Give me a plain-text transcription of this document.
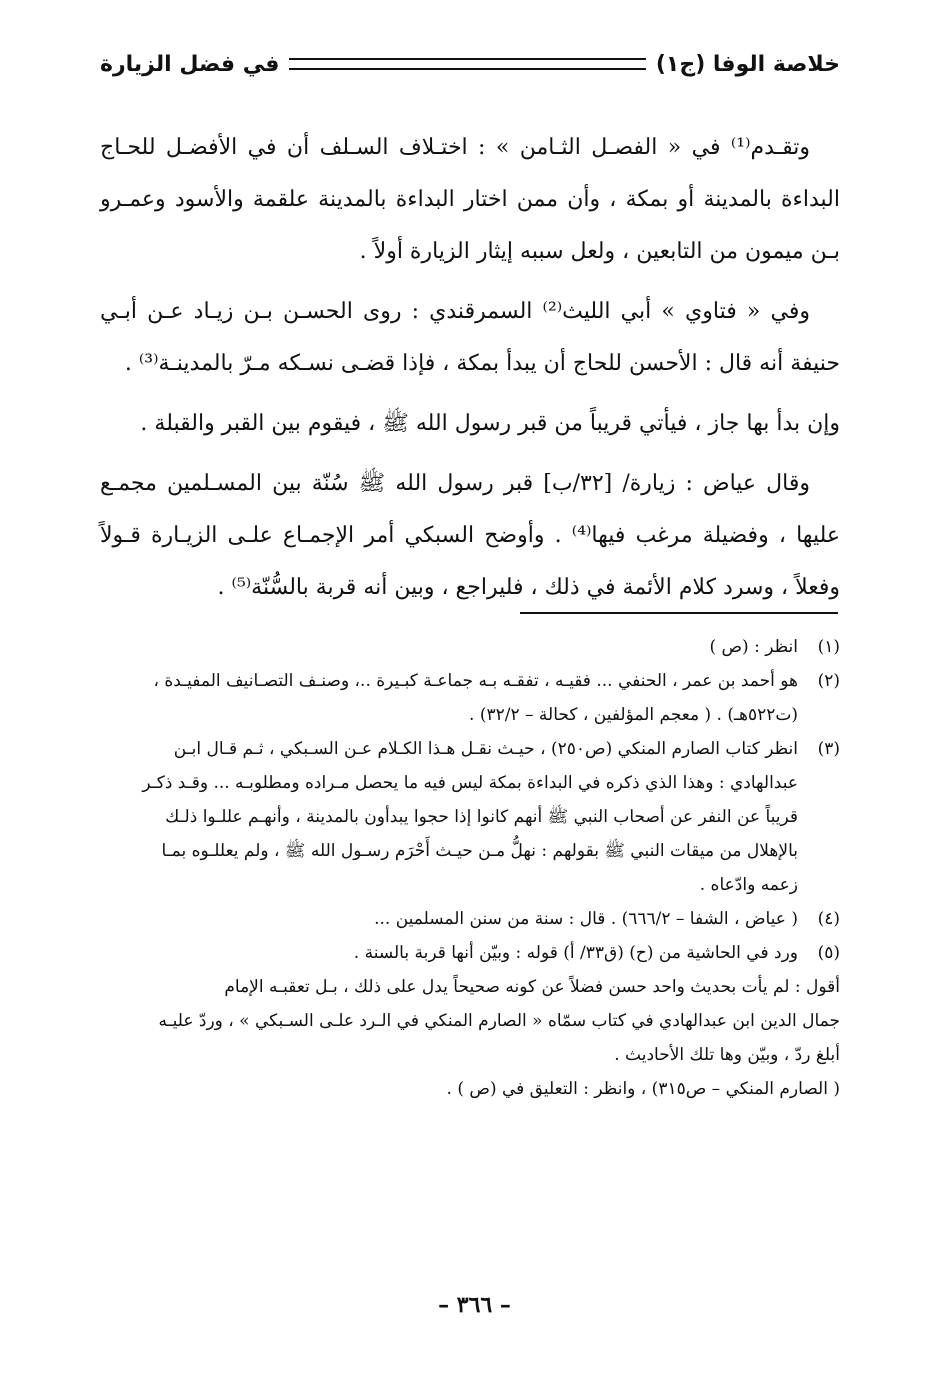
خلاصة الوفا (ج١)
في فضل الزيارة

وتقـدم⁽¹⁾ في « الفصـل الثـامن » : اختـلاف السـلف أن في الأفضـل للحـاج البداءة بالمدينة أو بمكة ، وأن ممن اختار البداءة بالمدينة علقمة والأسود وعمـرو بـن ميمون من التابعين ، ولعل سببه إيثار الزيارة أولاً .

وفي « فتاوي » أبي الليث⁽²⁾ السمرقندي : روى الحسـن بـن زيـاد عـن أبـي حنيفة أنه قال : الأحسن للحاج أن يبدأ بمكة ، فإذا قضـى نسـكه مـرّ بالمدينـة⁽³⁾ .

وإن بدأ بها جاز ، فيأتي قريباً من قبر رسول الله ﷺ ، فيقوم بين القبر والقبلة .

وقال عياض : زيارة/ [٣٢/ب] قبر رسول الله ﷺ سُنّة بين المسـلمين مجمـع عليها ، وفضيلة مرغب فيها⁽⁴⁾ . وأوضح السبكي أمر الإجمـاع علـى الزيـارة قـولاً وفعلاً ، وسرد كلام الأئمة في ذلك ، فليراجع ، وبين أنه قربة بالسُّنّة⁽⁵⁾ .

(١)
انظر : (ص )
(٢)
هو أحمد بن عمر ، الحنفي ... فقيـه ، تفقـه بـه جماعـة كبـيرة ..، وصنـف التصـانيف المفيـدة ،
(ت٥٢٢هـ) . ( معجم المؤلفين ، كحالة – ٣٢/٢) .
(٣)
انظر كتاب الصارم المنكي (ص٢٥٠) ، حيـث نقـل هـذا الكـلام عـن السـبكي ، ثـم قـال ابـن
عبدالهادي : وهذا الذي ذكره في البداءة بمكة ليس فيه ما يحصل مـراده ومطلوبـه ... وقـد ذكـر
قريباً عن النفر عن أصحاب النبي ﷺ أنهم كانوا إذا حجوا يبدأون بالمدينة ، وأنهـم عللـوا ذلـك
بالإهلال من ميقات النبي ﷺ بقولهم : نهلُّ مـن حيـث أَحْرَم رسـول الله ﷺ ، ولم يعللـوه بمـا
زعمه وادّعاه .
(٤)
( عياض ، الشفا – ٦٦٦/٢) . قال : سنة من سنن المسلمين ...
(٥)
ورد في الحاشية من (ح) (ق٣٣/ أ) قوله : وبيّن أنها قربة بالسنة .
أقول : لم يأت بحديث واحد حسن فضلاً عن كونه صحيحاً يدل على ذلك ، بـل تعقبـه الإمام
جمال الدين ابن عبدالهادي في كتاب سمّاه « الصارم المنكي في الـرد علـى السـبكي » ، وردّ عليـه
أبلغ ردّ ، وبيّن وها تلك الأحاديث .
( الصارم المنكي – ص٣١٥) ، وانظر : التعليق في (ص ) .
– ٣٦٦ –
